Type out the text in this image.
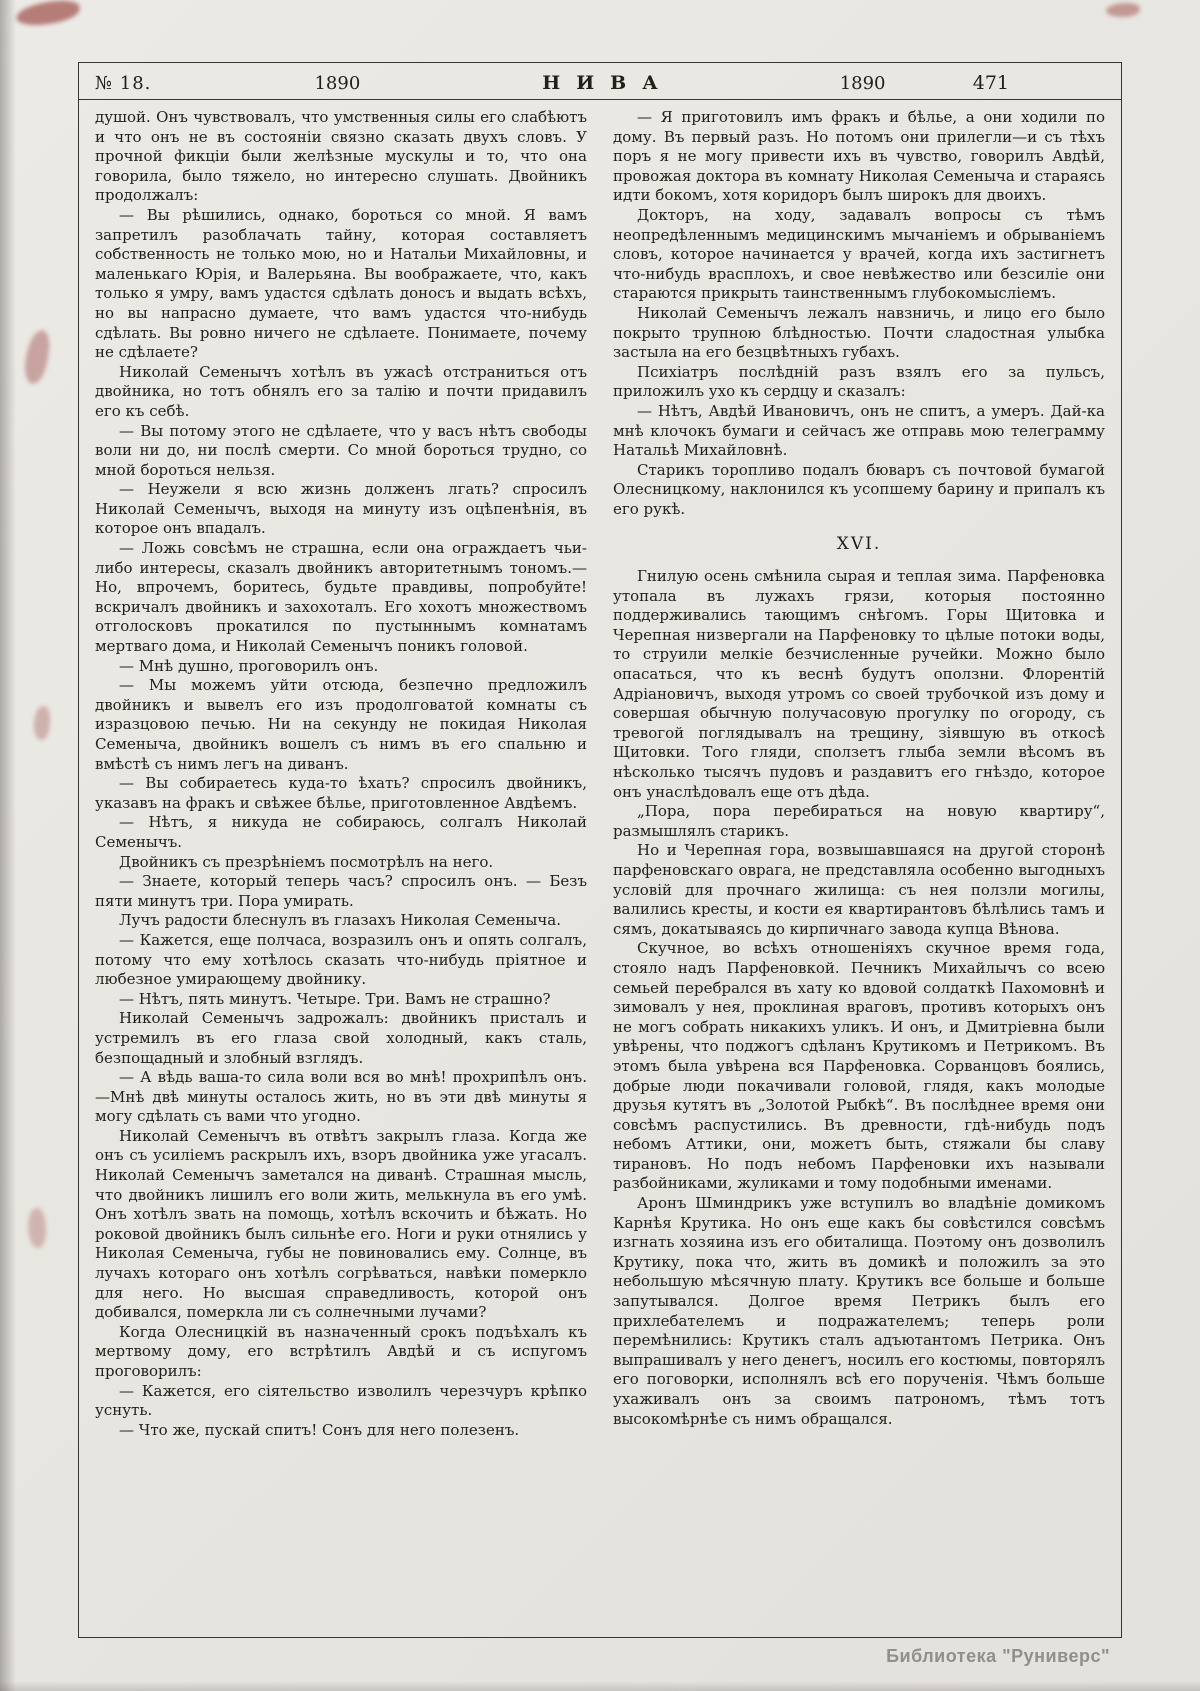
№ 18.	1890	НИВА	1890	471

душой. Онъ чувствовалъ, что умственныя силы его слабѣютъ и что онъ не въ состояніи связно сказать двухъ словъ. У прочной фикціи были желѣзные мускулы и то, что она говорила, было тяжело, но интересно слушать. Двойникъ продолжалъ:

— Вы рѣшились, однако, бороться со мной. Я вамъ запретилъ разоблачать тайну, которая составляетъ собственность не только мою, но и Натальи Михайловны, и маленькаго Юрія, и Валерьяна. Вы воображаете, что, какъ только я умру, вамъ удастся сдѣлать доносъ и выдать всѣхъ, но вы напрасно думаете, что вамъ удастся что-нибудь сдѣлать. Вы ровно ничего не сдѣлаете. Понимаете, почему не сдѣлаете?

Николай Семенычъ хотѣлъ въ ужасѣ отстраниться отъ двойника, но тотъ обнялъ его за талію и почти придавилъ его къ себѣ.

— Вы потому этого не сдѣлаете, что у васъ нѣтъ свободы воли ни до, ни послѣ смерти. Со мной бороться трудно, со мной бороться нельзя.

— Неужели я всю жизнь долженъ лгать? спросилъ Николай Семенычъ, выходя на минуту изъ оцѣпенѣнія, въ которое онъ впадалъ.

— Ложь совсѣмъ не страшна, если она ограждаетъ чьи-либо интересы, сказалъ двойникъ авторитетнымъ тономъ.—Но, впрочемъ, боритесь, будьте правдивы, попробуйте! вскричалъ двойникъ и захохоталъ. Его хохотъ множествомъ отголосковъ прокатился по пустыннымъ комнатамъ мертваго дома, и Николай Семенычъ поникъ головой.

— Мнѣ душно, проговорилъ онъ.

— Мы можемъ уйти отсюда, безпечно предложилъ двойникъ и вывелъ его изъ продолговатой комнаты съ изразцовою печью. Ни на секунду не покидая Николая Семеныча, двойникъ вошелъ съ нимъ въ его спальню и вмѣстѣ съ нимъ легъ на диванъ.

— Вы собираетесь куда-то ѣхать? спросилъ двойникъ, указавъ на фракъ и свѣжее бѣлье, приготовленное Авдѣемъ.

— Нѣтъ, я никуда не собираюсь, солгалъ Николай Семенычъ.

Двойникъ съ презрѣніемъ посмотрѣлъ на него.

— Знаете, который теперь часъ? спросилъ онъ. — Безъ пяти минутъ три. Пора умирать.

Лучъ радости блеснулъ въ глазахъ Николая Семеныча.

— Кажется, еще полчаса, возразилъ онъ и опять солгалъ, потому что ему хотѣлось сказать что-нибудь пріятное и любезное умирающему двойнику.

— Нѣтъ, пять минутъ. Четыре. Три. Вамъ не страшно?

Николай Семенычъ задрожалъ: двойникъ присталъ и устремилъ въ его глаза свой холодный, какъ сталь, безпощадный и злобный взглядъ.

— А вѣдь ваша-то сила воли вся во мнѣ! прохрипѣлъ онъ.—Мнѣ двѣ минуты осталось жить, но въ эти двѣ минуты я могу сдѣлать съ вами что угодно.

Николай Семенычъ въ отвѣтъ закрылъ глаза. Когда же онъ съ усиліемъ раскрылъ ихъ, взоръ двойника уже угасалъ. Николай Семенычъ заметался на диванѣ. Страшная мысль, что двойникъ лишилъ его воли жить, мелькнула въ его умѣ. Онъ хотѣлъ звать на помощь, хотѣлъ вскочить и бѣжать. Но роковой двойникъ былъ сильнѣе его. Ноги и руки отнялись у Николая Семеныча, губы не повиновались ему. Солнце, въ лучахъ котораго онъ хотѣлъ согрѣваться, навѣки померкло для него. Но высшая справедливость, которой онъ добивался, померкла ли съ солнечными лучами?

Когда Олесницкій въ назначенный срокъ подъѣхалъ къ мертвому дому, его встрѣтилъ Авдѣй и съ испугомъ проговорилъ:

— Кажется, его сіятельство изволилъ черезчуръ крѣпко уснуть.

— Что же, пускай спитъ! Сонъ для него полезенъ.

— Я приготовилъ имъ фракъ и бѣлье, а они ходили по дому. Въ первый разъ. Но потомъ они прилегли—и съ тѣхъ поръ я не могу привести ихъ въ чувство, говорилъ Авдѣй, провожая доктора въ комнату Николая Семеныча и стараясь идти бокомъ, хотя коридоръ былъ широкъ для двоихъ.

Докторъ, на ходу, задавалъ вопросы съ тѣмъ неопредѣленнымъ медицинскимъ мычаніемъ и обрываніемъ словъ, которое начинается у врачей, когда ихъ застигнетъ что-нибудь врасплохъ, и свое невѣжество или безсиліе они стараются прикрыть таинственнымъ глубокомысліемъ.

Николай Семенычъ лежалъ навзничь, и лицо его было покрыто трупною блѣдностью. Почти сладостная улыбка застыла на его безцвѣтныхъ губахъ.

Психіатръ послѣдній разъ взялъ его за пульсъ, приложилъ ухо къ сердцу и сказалъ:

— Нѣтъ, Авдѣй Ивановичъ, онъ не спитъ, а умеръ. Дай-ка мнѣ клочокъ бумаги и сейчасъ же отправь мою телеграмму Натальѣ Михайловнѣ.

Старикъ торопливо подалъ бюваръ съ почтовой бумагой Олесницкому, наклонился къ усопшему барину и припалъ къ его рукѣ.

XVI.

Гнилую осень смѣнила сырая и теплая зима. Парфеновка утопала въ лужахъ грязи, которыя постоянно поддерживались тающимъ снѣгомъ. Горы Щитовка и Черепная низвергали на Парфеновку то цѣлые потоки воды, то струили мелкіе безчисленные ручейки. Можно было опасаться, что къ веснѣ будутъ оползни. Флорентій Адріановичъ, выходя утромъ со своей трубочкой изъ дому и совершая обычную получасовую прогулку по огороду, съ тревогой поглядывалъ на трещину, зіявшую въ откосѣ Щитовки. Того гляди, сползетъ глыба земли вѣсомъ въ нѣсколько тысячъ пудовъ и раздавитъ его гнѣздо, которое онъ унаслѣдовалъ еще отъ дѣда.

„Пора, пора перебираться на новую квартиру“, размышлялъ старикъ.

Но и Черепная гора, возвышавшаяся на другой сторонѣ парфеновскаго оврага, не представляла особенно выгодныхъ условій для прочнаго жилища: съ нея ползли могилы, валились кресты, и кости ея квартирантовъ бѣлѣлись тамъ и сямъ, докатываясь до кирпичнаго завода купца Вѣнова.

Скучное, во всѣхъ отношеніяхъ скучное время года, стояло надъ Парфеновкой. Печникъ Михайлычъ со всею семьей перебрался въ хату ко вдовой солдаткѣ Пахомовнѣ и зимовалъ у нея, проклиная враговъ, противъ которыхъ онъ не могъ собрать никакихъ уликъ. И онъ, и Дмитріевна были увѣрены, что поджогъ сдѣланъ Крутикомъ и Петрикомъ. Въ этомъ была увѣрена вся Парфеновка. Сорванцовъ боялись, добрые люди покачивали головой, глядя, какъ молодые друзья кутятъ въ „Золотой Рыбкѣ“. Въ послѣднее время они совсѣмъ распустились. Въ древности, гдѣ-нибудь подъ небомъ Аттики, они, можетъ быть, стяжали бы славу тирановъ. Но подъ небомъ Парфеновки ихъ называли разбойниками, жуликами и тому подобными именами.

Аронъ Шминдрикъ уже вступилъ во владѣніе домикомъ Карнѣя Крутика. Но онъ еще какъ бы совѣстился совсѣмъ изгнать хозяина изъ его обиталища. Поэтому онъ дозволилъ Крутику, пока что, жить въ домикѣ и положилъ за это небольшую мѣсячную плату. Крутикъ все больше и больше запутывался. Долгое время Петрикъ былъ его прихлебателемъ и подражателемъ; теперь роли перемѣнились: Крутикъ сталъ адъютантомъ Петрика. Онъ выпрашивалъ у него денегъ, носилъ его костюмы, повторялъ его поговорки, исполнялъ всѣ его порученія. Чѣмъ больше ухаживалъ онъ за своимъ патрономъ, тѣмъ тотъ высокомѣрнѣе съ нимъ обращался.

Библиотека "Руниверс"
